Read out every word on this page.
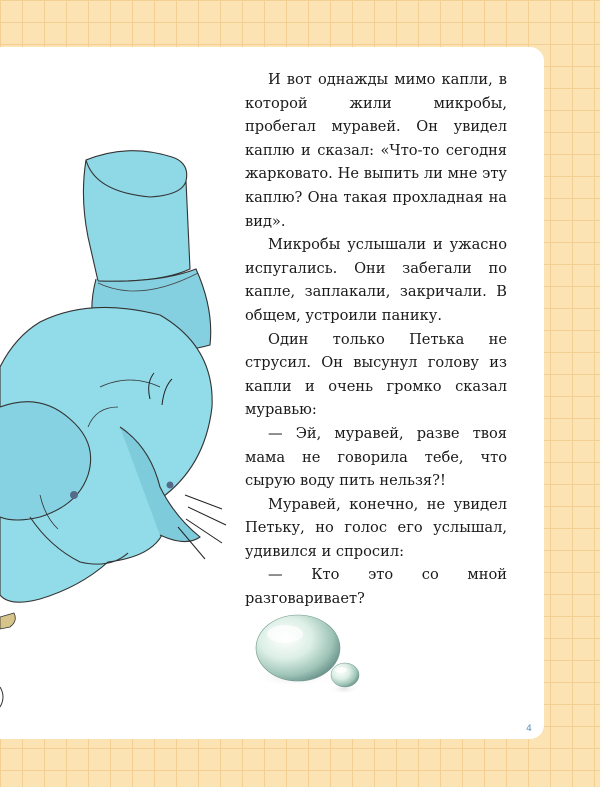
И вот однажды мимо капли, в которой жили микробы, пробегал муравей. Он увидел каплю и сказал: «Что-то сегодня жарковато. Не выпить ли мне эту каплю? Она такая прохладная на вид».

Микробы услышали и ужасно испугались. Они забегали по капле, заплакали, закричали. В общем, устроили панику.

Один только Петька не струсил. Он высунул голову из капли и очень громко сказал муравью:

— Эй, муравей, разве твоя мама не говорила тебе, что сырую воду пить нельзя?!

Муравей, конечно, не увидел Петьку, но голос его услышал, удивился и спросил:

— Кто это со мной разговаривает?

4
